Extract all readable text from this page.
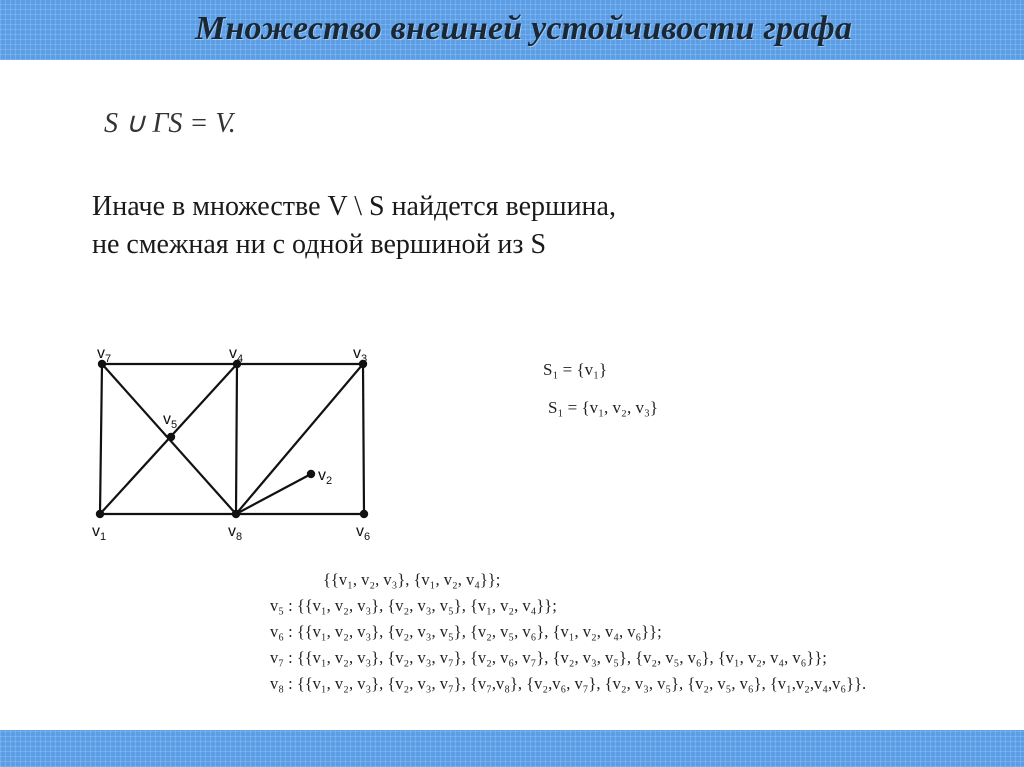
Множество внешней устойчивости графа
S ∪ ΓS = V.
Иначе в множестве V \ S найдется вершина,
не смежная ни с одной вершиной из S
$v_1$
$v_2$
$v_3$
$v_4$
$v_5$
$v_6$
$v_7$
$v_8$
S₁ = {v₁}
S₁ = {v₁, v₂, v₃}
{{v₁, v₂, v₃}, {v₁, v₂, v₄}};
v₅ : {{v₁, v₂, v₃}, {v₂, v₃, v₅}, {v₁, v₂, v₄}};
v₆ : {{v₁, v₂, v₃}, {v₂, v₃, v₅}, {v₂, v₅, v₆}, {v₁, v₂, v₄, v₆}};
v₇ : {{v₁, v₂, v₃}, {v₂, v₃, v₇}, {v₂, v₆, v₇}, {v₂, v₃, v₅}, {v₂, v₅, v₆}, {v₁, v₂, v₄, v₆}};
v₈ : {{v₁, v₂, v₃}, {v₂, v₃, v₇}, {v₇,v₈}, {v₂,v₆, v₇}, {v₂, v₃, v₅}, {v₂, v₅, v₆}, {v₁,v₂,v₄,v₆}}.
